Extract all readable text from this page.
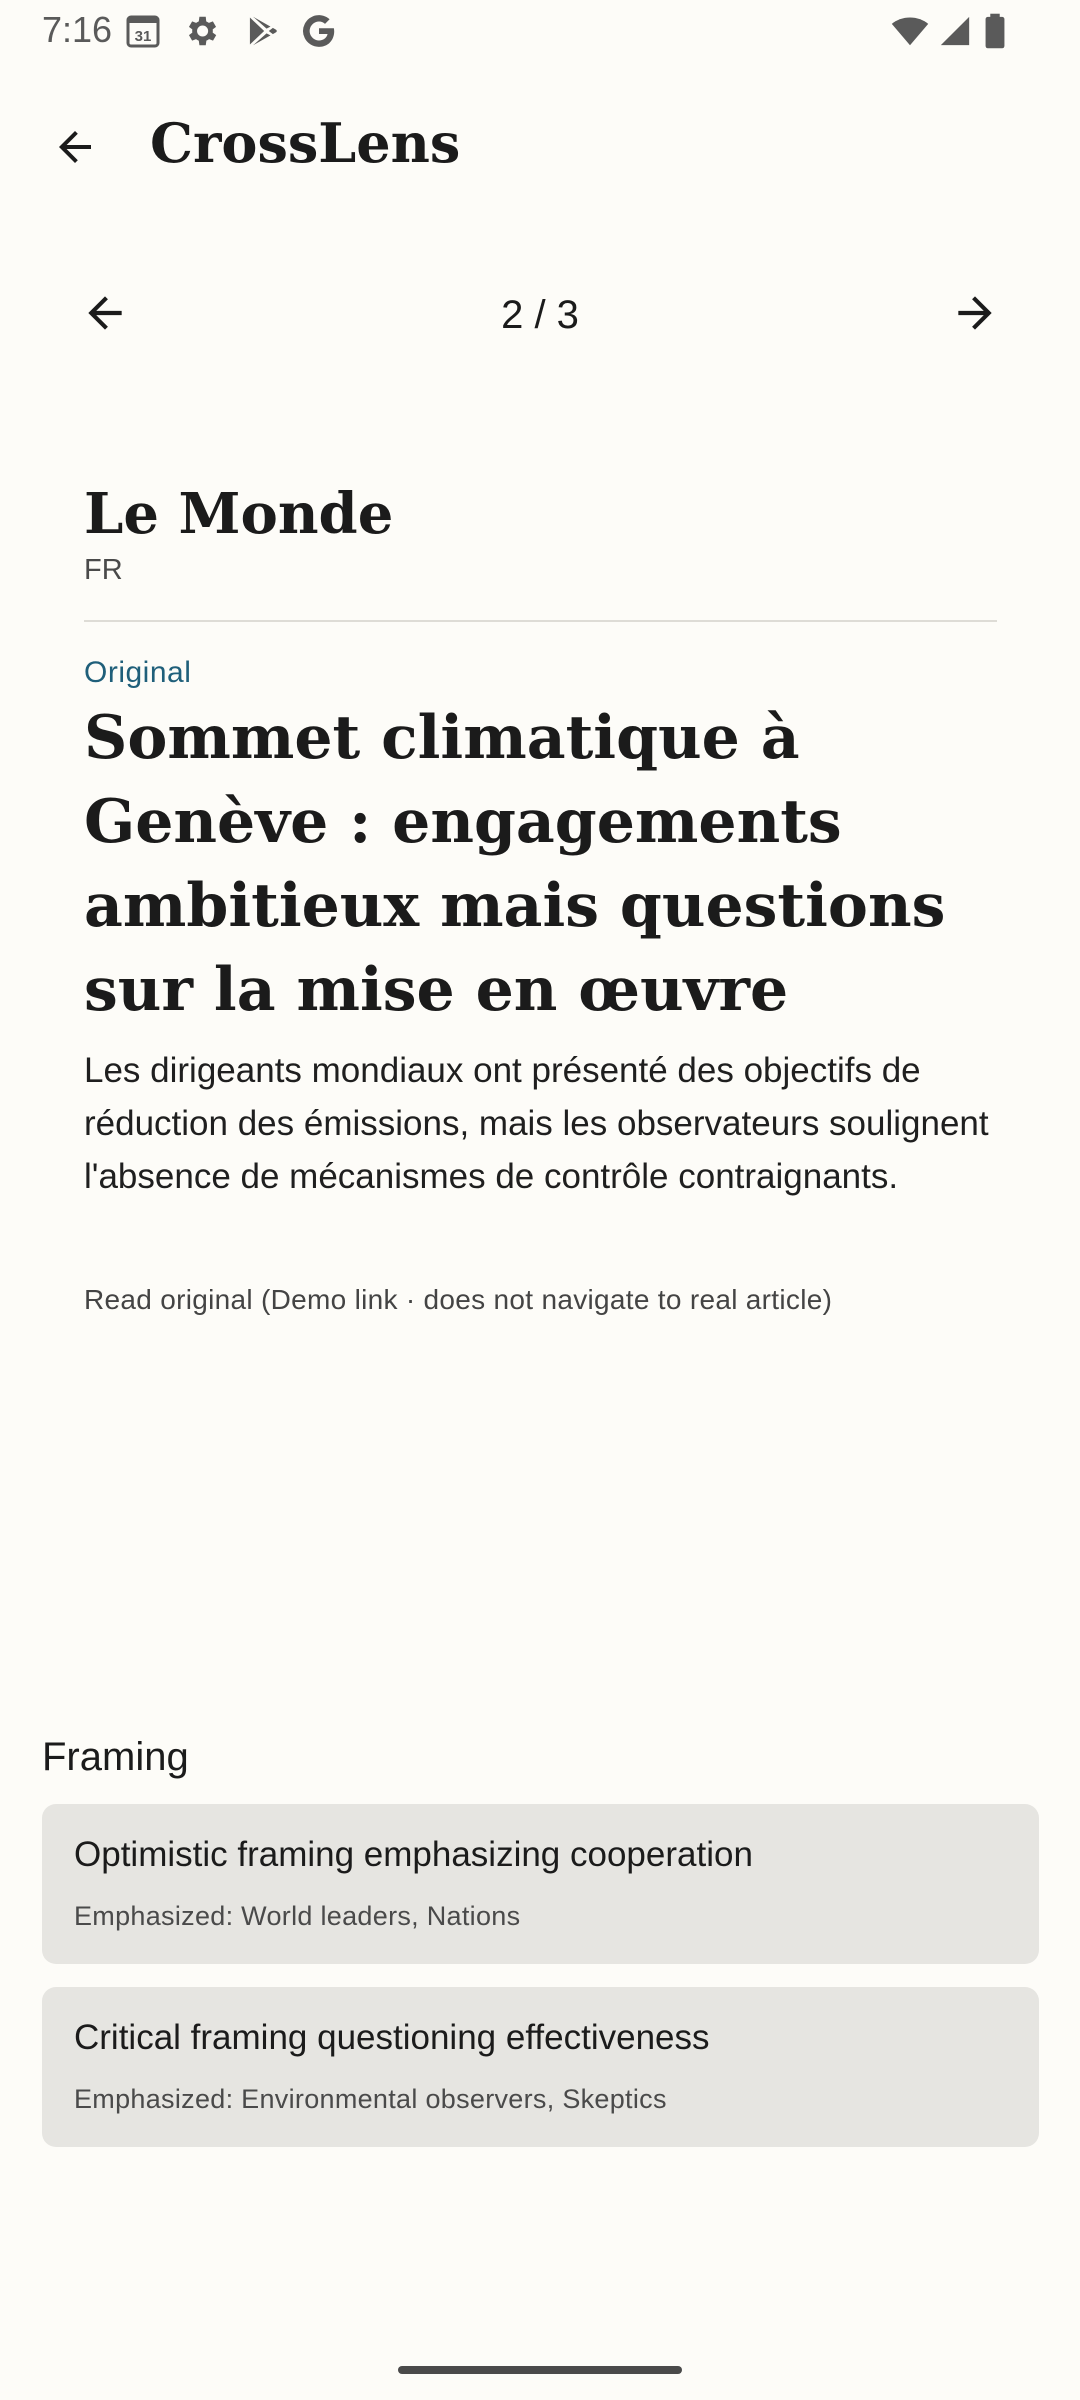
7:16 31
CrossLens
2 / 3
Le Monde
FR
Original
Sommet climatique à Genève : engagements ambitieux mais questions sur la mise en œuvre
Les dirigeants mondiaux ont présenté des objectifs de réduction des émissions, mais les observateurs soulignent l'absence de mécanismes de contrôle contraignants.
Read original (Demo link · does not navigate to real article)
Framing
Optimistic framing emphasizing cooperation
Emphasized: World leaders, Nations
Critical framing questioning effectiveness
Emphasized: Environmental observers, Skeptics
